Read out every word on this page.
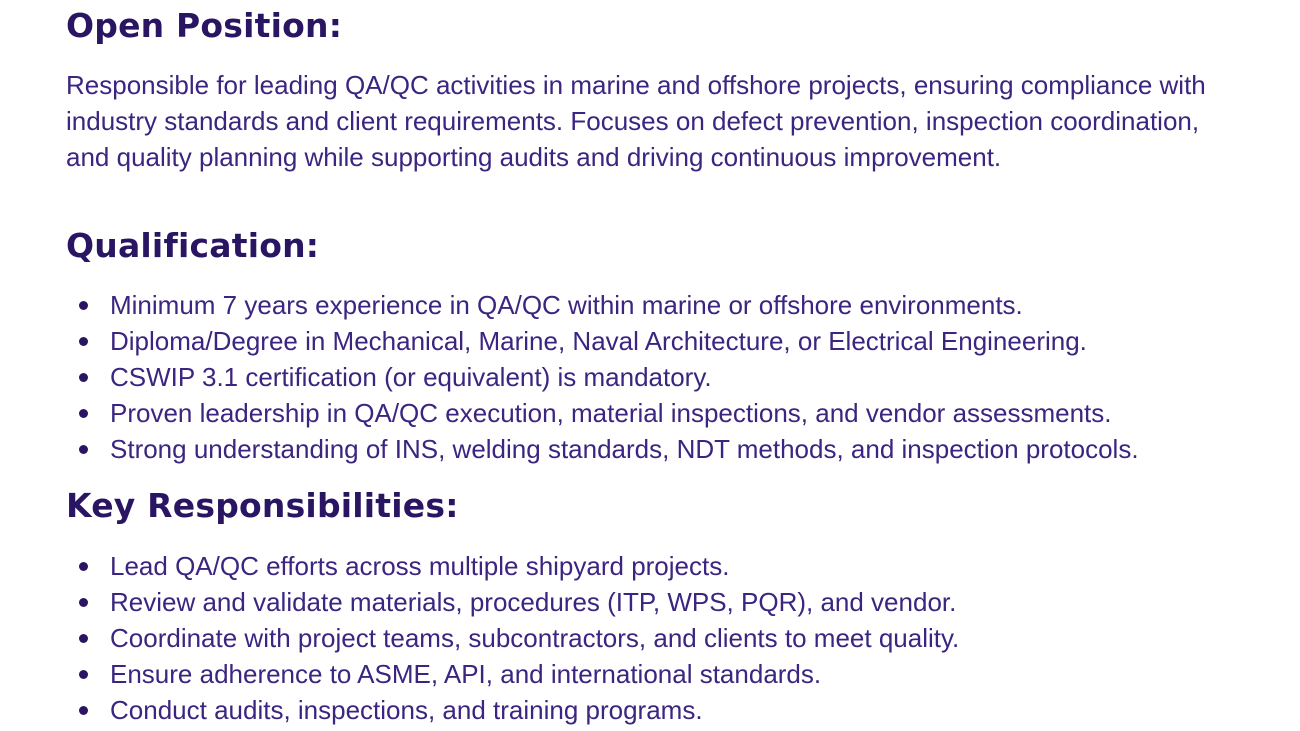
Open Position:

Responsible for leading QA/QC activities in marine and offshore projects, ensuring compliance with industry standards and client requirements. Focuses on defect prevention, inspection coordination, and quality planning while supporting audits and driving continuous improvement.

Qualification:
Minimum 7 years experience in QA/QC within marine or offshore environments.
Diploma/Degree in Mechanical, Marine, Naval Architecture, or Electrical Engineering.
CSWIP 3.1 certification (or equivalent) is mandatory.
Proven leadership in QA/QC execution, material inspections, and vendor assessments.
Strong understanding of INS, welding standards, NDT methods, and inspection protocols.
Key Responsibilities:
Lead QA/QC efforts across multiple shipyard projects.
Review and validate materials, procedures (ITP, WPS, PQR), and vendor.
Coordinate with project teams, subcontractors, and clients to meet quality.
Ensure adherence to ASME, API, and international standards.
Conduct audits, inspections, and training programs.
